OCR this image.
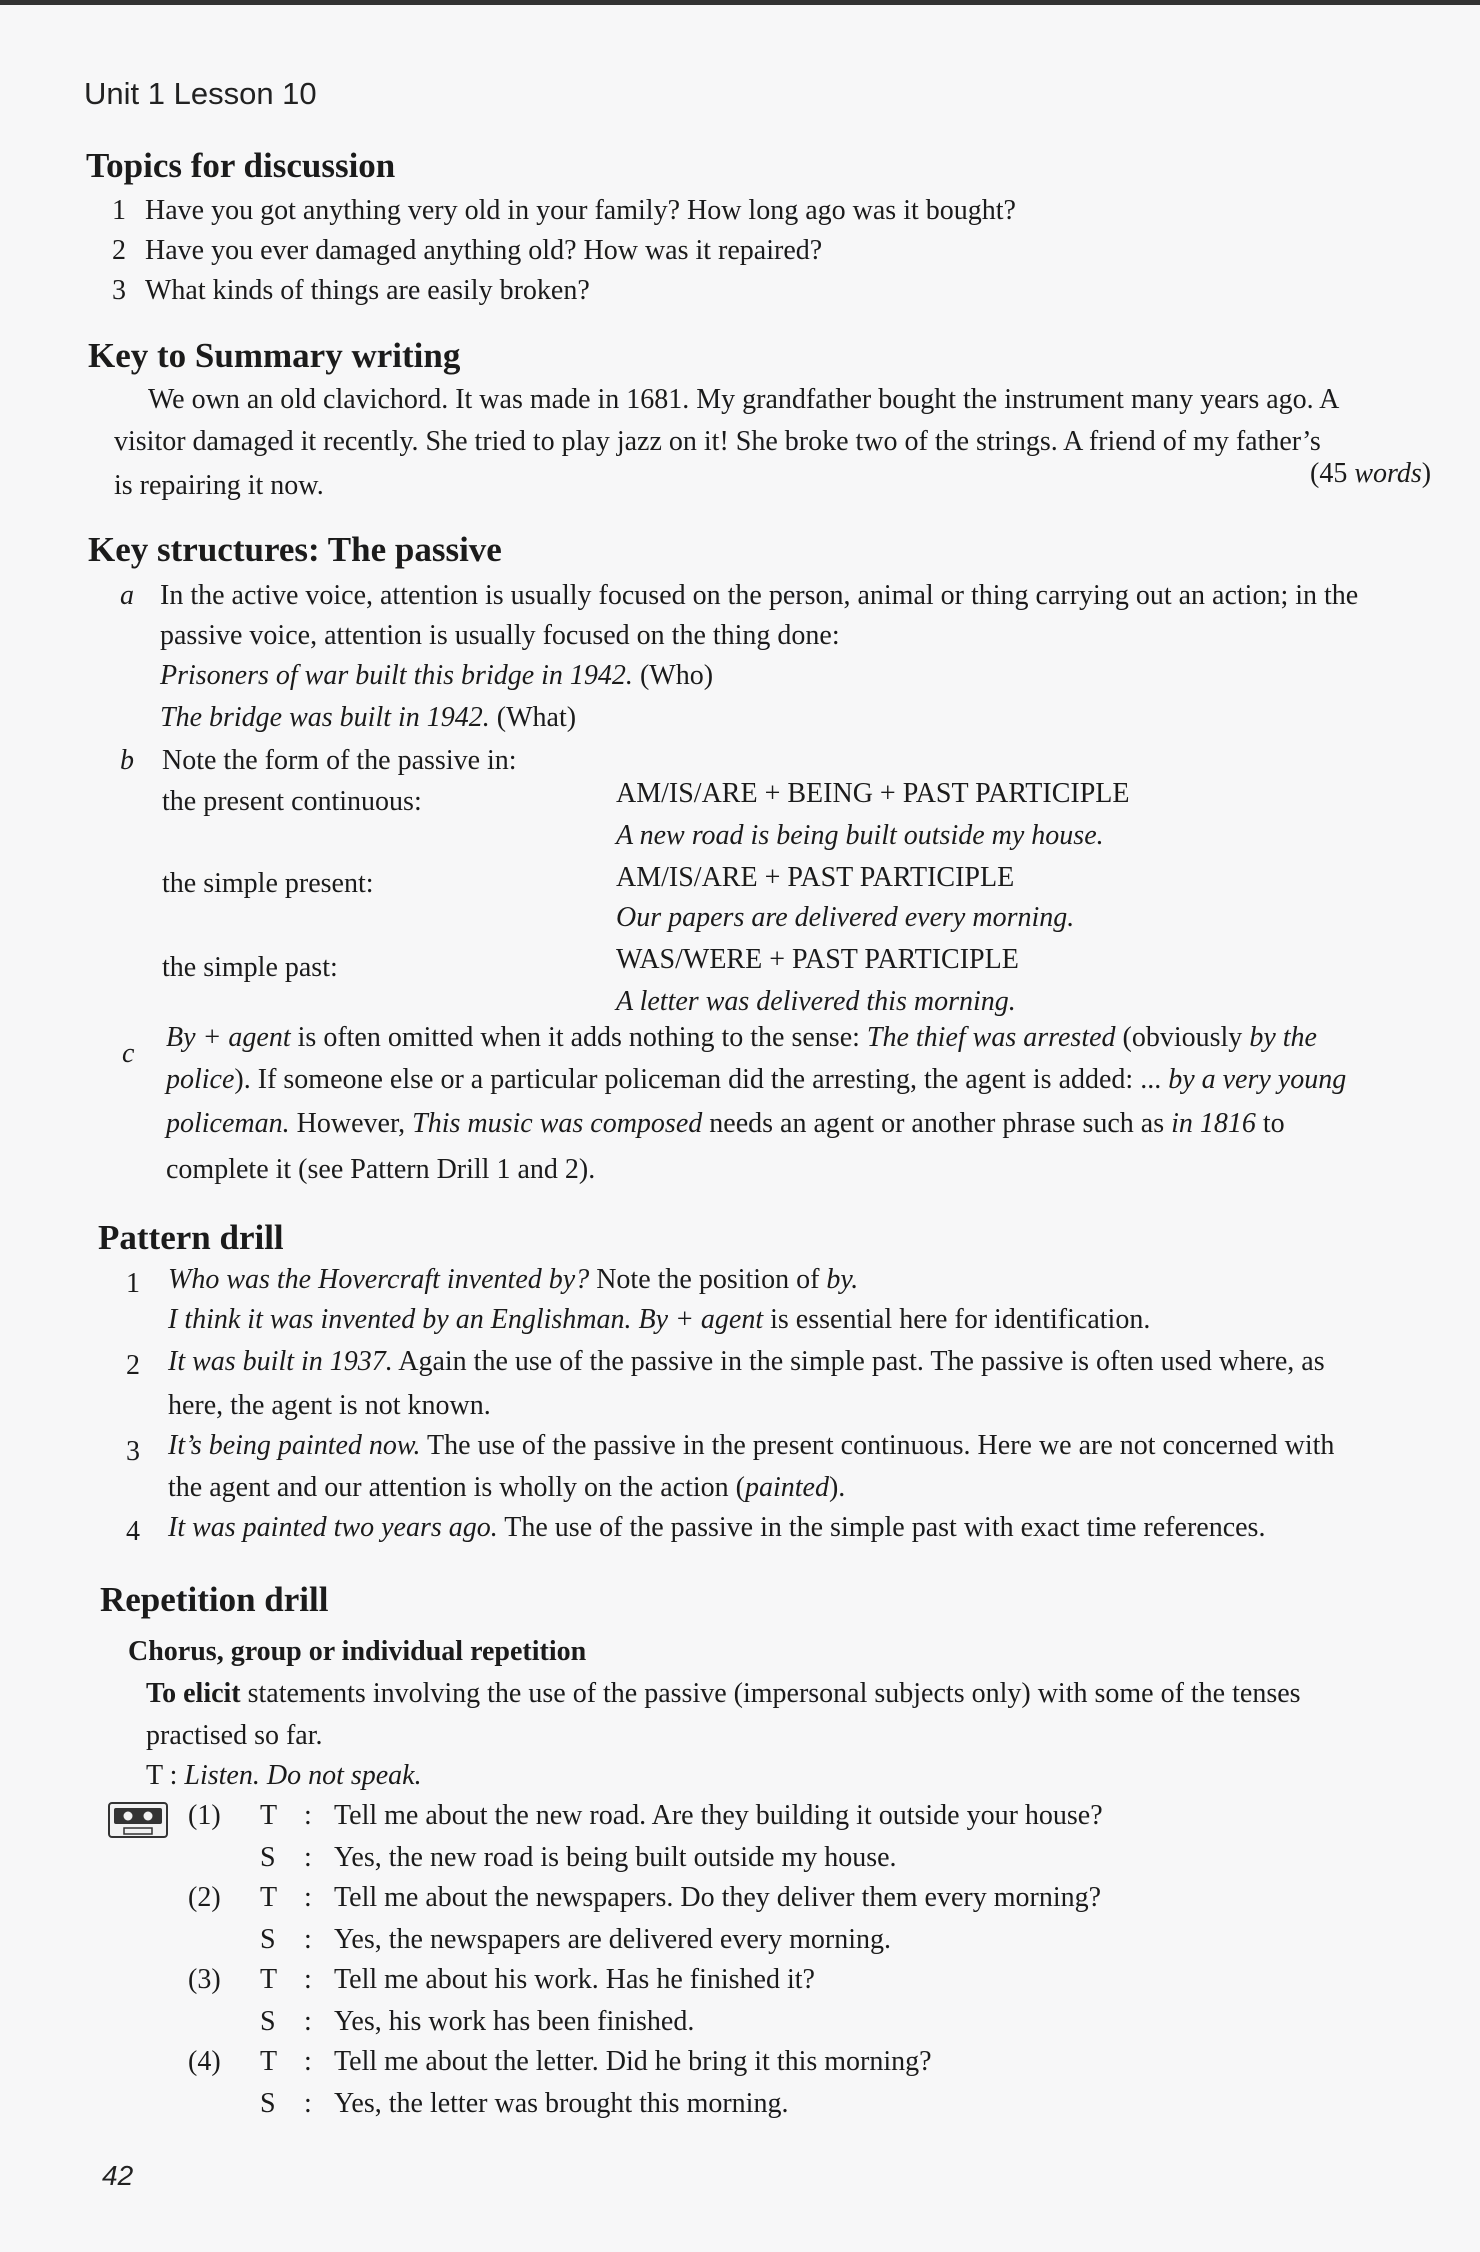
Unit 1 Lesson 10
Topics for discussion
1 Have you got anything very old in your family? How long ago was it bought?
2 Have you ever damaged anything old? How was it repaired?
3 What kinds of things are easily broken?
Key to Summary writing
We own an old clavichord. It was made in 1681. My grandfather bought the instrument many years ago. A
visitor damaged it recently. She tried to play jazz on it! She broke two of the strings. A friend of my father’s
is repairing it now.	(45 words)
Key structures: The passive
a In the active voice, attention is usually focused on the person, animal or thing carrying out an action; in the
passive voice, attention is usually focused on the thing done:
Prisoners of war built this bridge in 1942. (Who)
The bridge was built in 1942. (What)
b Note the form of the passive in:
the present continuous:	AM/IS/ARE + BEING + PAST PARTICIPLE
A new road is being built outside my house.
the simple present:	AM/IS/ARE + PAST PARTICIPLE
Our papers are delivered every morning.
the simple past:	WAS/WERE + PAST PARTICIPLE
A letter was delivered this morning.
c
By + agent is often omitted when it adds nothing to the sense: The thief was arrested (obviously by the
police). If someone else or a particular policeman did the arresting, the agent is added: ... by a very young
policeman. However, This music was composed needs an agent or another phrase such as in 1816 to
complete it (see Pattern Drill 1 and 2).
Pattern drill
1 Who was the Hovercraft invented by? Note the position of by.
I think it was invented by an Englishman. By + agent is essential here for identification.
2 It was built in 1937. Again the use of the passive in the simple past. The passive is often used where, as
here, the agent is not known.
3 It’s being painted now. The use of the passive in the present continuous. Here we are not concerned with
the agent and our attention is wholly on the action (painted).
4 It was painted two years ago. The use of the passive in the simple past with exact time references.
Repetition drill
Chorus, group or individual repetition
To elicit statements involving the use of the passive (impersonal subjects only) with some of the tenses
practised so far.
T : Listen. Do not speak.
(1) T : Tell me about the new road. Are they building it outside your house?
S : Yes, the new road is being built outside my house.
(2) T : Tell me about the newspapers. Do they deliver them every morning?
S : Yes, the newspapers are delivered every morning.
(3) T : Tell me about his work. Has he finished it?
S : Yes, his work has been finished.
(4) T : Tell me about the letter. Did he bring it this morning?
S : Yes, the letter was brought this morning.
42
